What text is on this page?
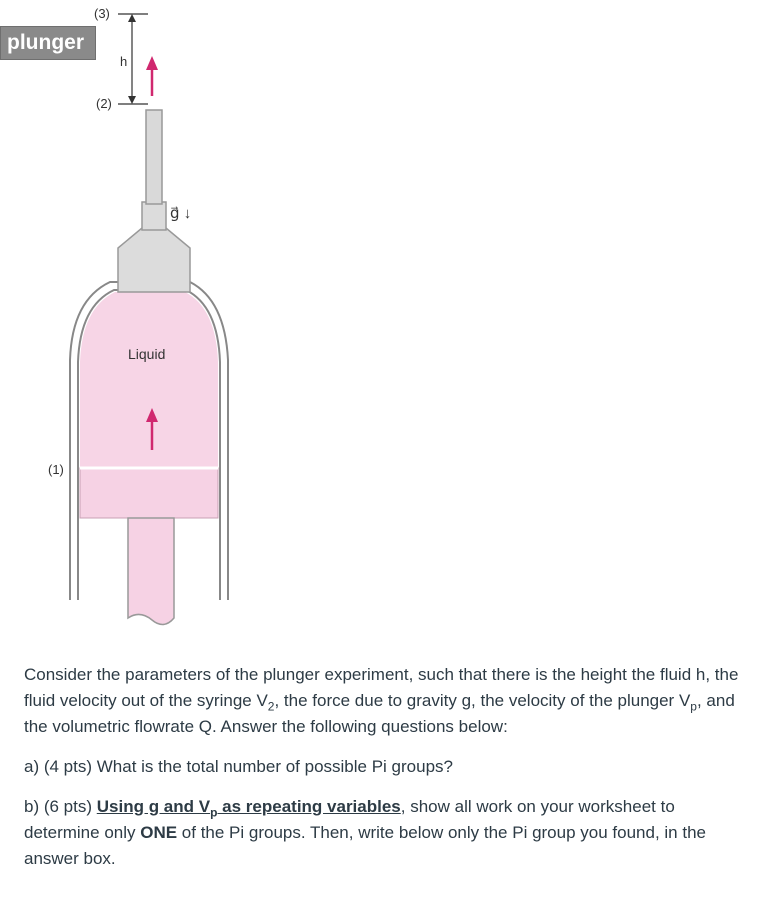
plunger
(3)
h
(2)
g⃗ ↓
Liquid
(1)

Consider the parameters of the plunger experiment, such that there is the height the fluid h, the fluid velocity out of the syringe $V_2$, the force due to gravity g, the velocity of the plunger $V_p$, and the volumetric flowrate Q. Answer the following questions below:

a) (4 pts) What is the total number of possible Pi groups?

b) (6 pts) Using g and $V_p$ as repeating variables, show all work on your worksheet to determine only ONE of the Pi groups. Then, write below only the Pi group you found, in the answer box.
